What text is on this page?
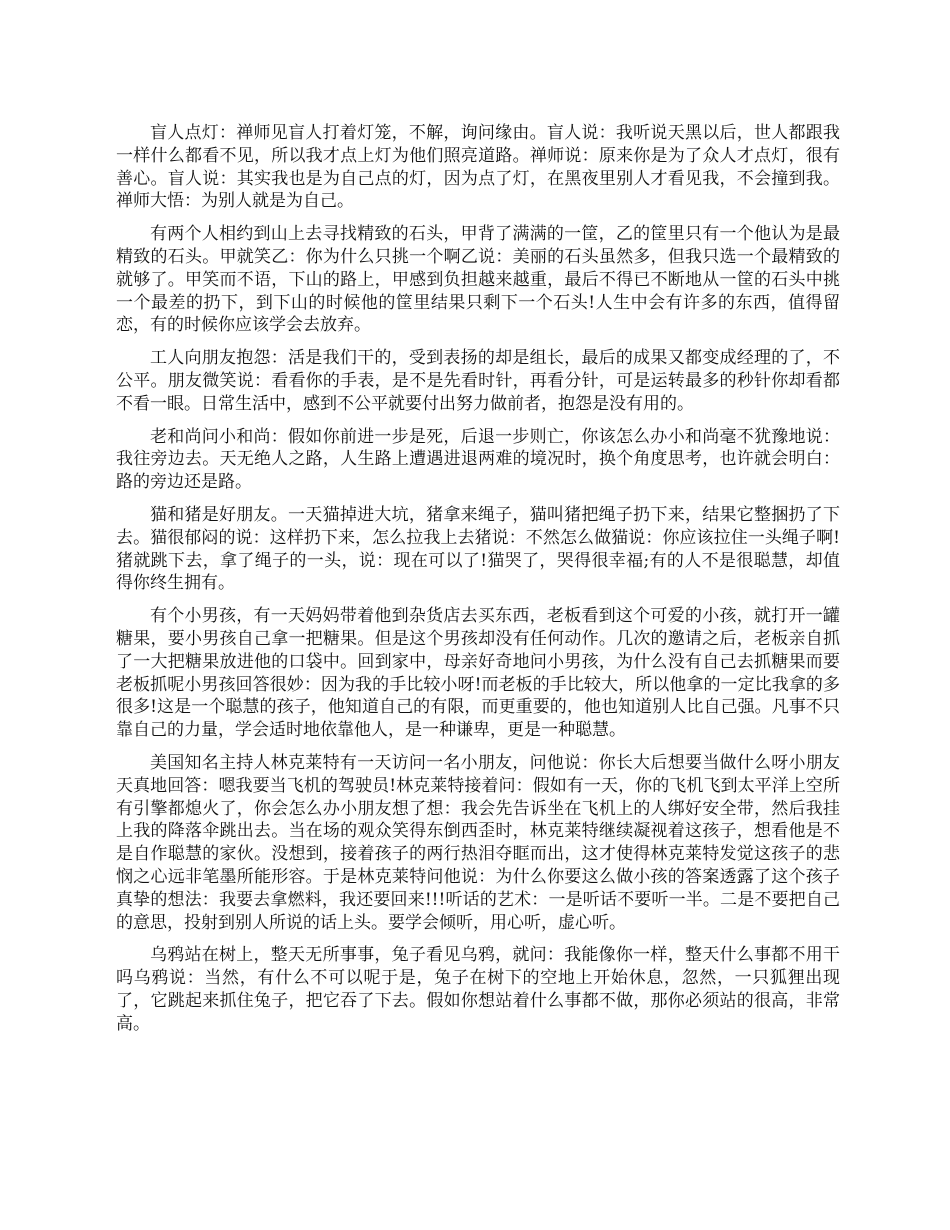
盲人点灯：禅师见盲人打着灯笼，不解，询问缘由。盲人说：我听说天黑以后，世人都跟我一样什么都看不见，所以我才点上灯为他们照亮道路。禅师说：原来你是为了众人才点灯，很有善心。盲人说：其实我也是为自己点的灯，因为点了灯，在黑夜里别人才看见我，不会撞到我。禅师大悟：为别人就是为自己。

有两个人相约到山上去寻找精致的石头，甲背了满满的一筐，乙的筐里只有一个他认为是最精致的石头。甲就笑乙：你为什么只挑一个啊乙说：美丽的石头虽然多，但我只选一个最精致的就够了。甲笑而不语，下山的路上，甲感到负担越来越重，最后不得已不断地从一筐的石头中挑一个最差的扔下，到下山的时候他的筐里结果只剩下一个石头!人生中会有许多的东西，值得留恋，有的时候你应该学会去放弃。

工人向朋友抱怨：活是我们干的，受到表扬的却是组长，最后的成果又都变成经理的了，不公平。朋友微笑说：看看你的手表，是不是先看时针，再看分针，可是运转最多的秒针你却看都不看一眼。日常生活中，感到不公平就要付出努力做前者，抱怨是没有用的。

老和尚问小和尚：假如你前进一步是死，后退一步则亡，你该怎么办小和尚毫不犹豫地说：我往旁边去。天无绝人之路，人生路上遭遇进退两难的境况时，换个角度思考，也许就会明白：路的旁边还是路。

猫和猪是好朋友。一天猫掉进大坑，猪拿来绳子，猫叫猪把绳子扔下来，结果它整捆扔了下去。猫很郁闷的说：这样扔下来，怎么拉我上去猪说：不然怎么做猫说：你应该拉住一头绳子啊!猪就跳下去，拿了绳子的一头，说：现在可以了!猫哭了，哭得很幸福;有的人不是很聪慧，却值得你终生拥有。

有个小男孩，有一天妈妈带着他到杂货店去买东西，老板看到这个可爱的小孩，就打开一罐糖果，要小男孩自己拿一把糖果。但是这个男孩却没有任何动作。几次的邀请之后，老板亲自抓了一大把糖果放进他的口袋中。回到家中，母亲好奇地问小男孩，为什么没有自己去抓糖果而要老板抓呢小男孩回答很妙：因为我的手比较小呀!而老板的手比较大，所以他拿的一定比我拿的多很多!这是一个聪慧的孩子，他知道自己的有限，而更重要的，他也知道别人比自己强。凡事不只靠自己的力量，学会适时地依靠他人，是一种谦卑，更是一种聪慧。

美国知名主持人林克莱特有一天访问一名小朋友，问他说：你长大后想要当做什么呀小朋友天真地回答：嗯我要当飞机的驾驶员!林克莱特接着问：假如有一天，你的飞机飞到太平洋上空所有引擎都熄火了，你会怎么办小朋友想了想：我会先告诉坐在飞机上的人绑好安全带，然后我挂上我的降落伞跳出去。当在场的观众笑得东倒西歪时，林克莱特继续凝视着这孩子，想看他是不是自作聪慧的家伙。没想到，接着孩子的两行热泪夺眶而出，这才使得林克莱特发觉这孩子的悲悯之心远非笔墨所能形容。于是林克莱特问他说：为什么你要这么做小孩的答案透露了这个孩子真挚的想法：我要去拿燃料，我还要回来!!!听话的艺术：一是听话不要听一半。二是不要把自己的意思，投射到别人所说的话上头。要学会倾听，用心听，虚心听。

乌鸦站在树上，整天无所事事，兔子看见乌鸦，就问：我能像你一样，整天什么事都不用干吗乌鸦说：当然，有什么不可以呢于是，兔子在树下的空地上开始休息，忽然，一只狐狸出现了，它跳起来抓住兔子，把它吞了下去。假如你想站着什么事都不做，那你必须站的很高，非常高。
